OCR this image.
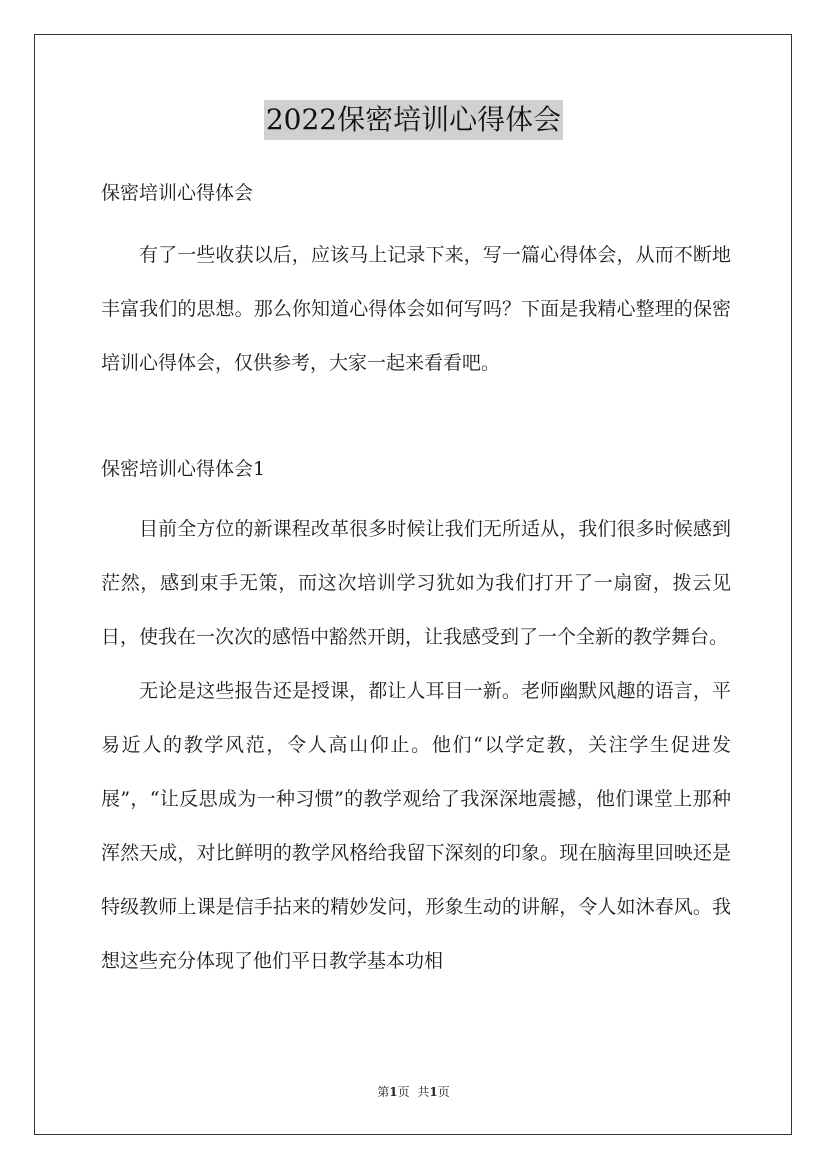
2022保密培训心得体会

保密培训心得体会

有了一些收获以后，应该马上记录下来，写一篇心得体会，从而不断地丰富我们的思想。那么你知道心得体会如何写吗？下面是我精心整理的保密培训心得体会，仅供参考，大家一起来看看吧。

保密培训心得体会1

目前全方位的新课程改革很多时候让我们无所适从，我们很多时候感到茫然，感到束手无策，而这次培训学习犹如为我们打开了一扇窗，拨云见日，使我在一次次的感悟中豁然开朗，让我感受到了一个全新的教学舞台。

无论是这些报告还是授课，都让人耳目一新。老师幽默风趣的语言，平易近人的教学风范，令人高山仰止。他们“以学定教，关注学生促进发展”，“让反思成为一种习惯”的教学观给了我深深地震撼，他们课堂上那种浑然天成，对比鲜明的教学风格给我留下深刻的印象。现在脑海里回映还是特级教师上课是信手拈来的精妙发问，形象生动的讲解，令人如沐春风。我想这些充分体现了他们平日教学基本功相

第1页 共1页
